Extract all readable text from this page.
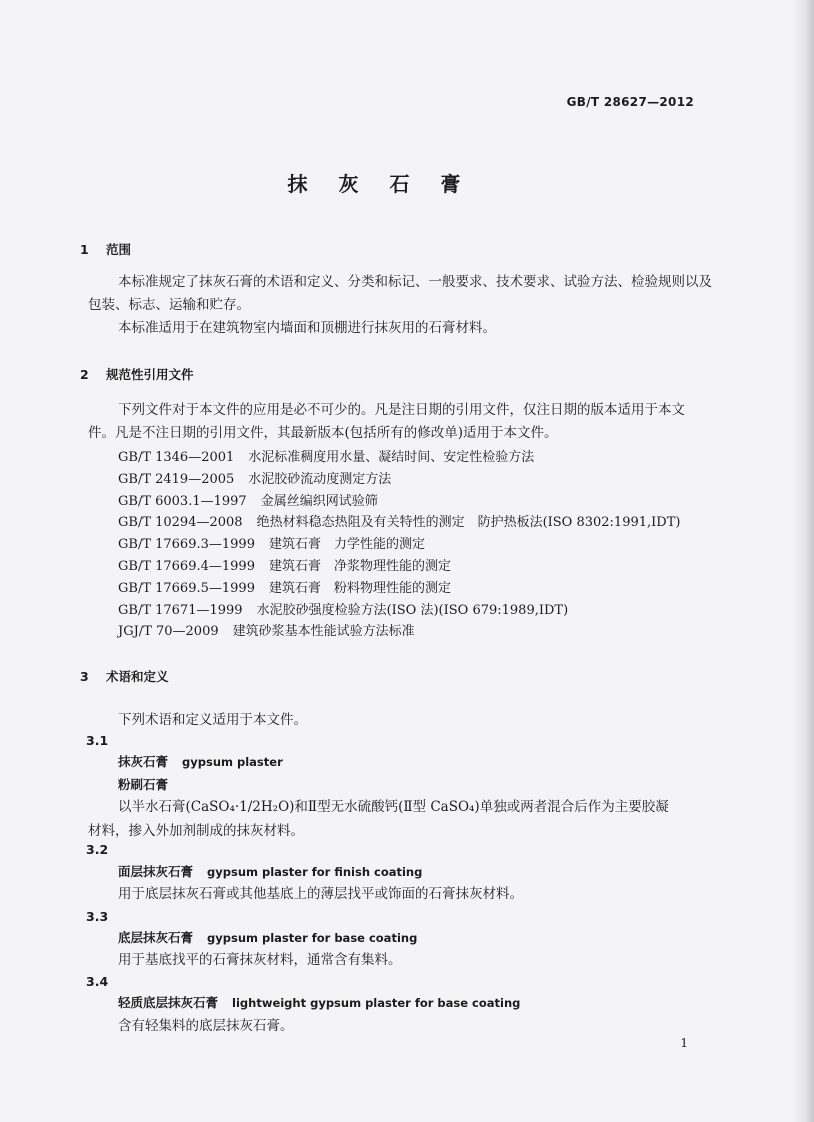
GB/T 28627—2012
抹 灰 石 膏
1 范围
本标准规定了抹灰石膏的术语和定义、分类和标记、一般要求、技术要求、试验方法、检验规则以及
包装、标志、运输和贮存。
本标准适用于在建筑物室内墙面和顶棚进行抹灰用的石膏材料。
2 规范性引用文件
下列文件对于本文件的应用是必不可少的。凡是注日期的引用文件，仅注日期的版本适用于本文
件。凡是不注日期的引用文件，其最新版本(包括所有的修改单)适用于本文件。
GB/T 1346—2001 水泥标准稠度用水量、凝结时间、安定性检验方法
GB/T 2419—2005 水泥胶砂流动度测定方法
GB/T 6003.1—1997 金属丝编织网试验筛
GB/T 10294—2008 绝热材料稳态热阻及有关特性的测定　防护热板法(ISO 8302:1991,IDT)
GB/T 17669.3—1999 建筑石膏　力学性能的测定
GB/T 17669.4—1999 建筑石膏　净浆物理性能的测定
GB/T 17669.5—1999 建筑石膏　粉料物理性能的测定
GB/T 17671—1999 水泥胶砂强度检验方法(ISO 法)(ISO 679:1989,IDT)
JGJ/T 70—2009 建筑砂浆基本性能试验方法标准
3 术语和定义
下列术语和定义适用于本文件。
3.1
抹灰石膏 gypsum plaster
粉刷石膏
以半水石膏(CaSO₄·1/2H₂O)和Ⅱ型无水硫酸钙(Ⅱ型 CaSO₄)单独或两者混合后作为主要胶凝
材料，掺入外加剂制成的抹灰材料。
3.2
面层抹灰石膏 gypsum plaster for finish coating
用于底层抹灰石膏或其他基底上的薄层找平或饰面的石膏抹灰材料。
3.3
底层抹灰石膏 gypsum plaster for base coating
用于基底找平的石膏抹灰材料，通常含有集料。
3.4
轻质底层抹灰石膏 lightweight gypsum plaster for base coating
含有轻集料的底层抹灰石膏。
1
